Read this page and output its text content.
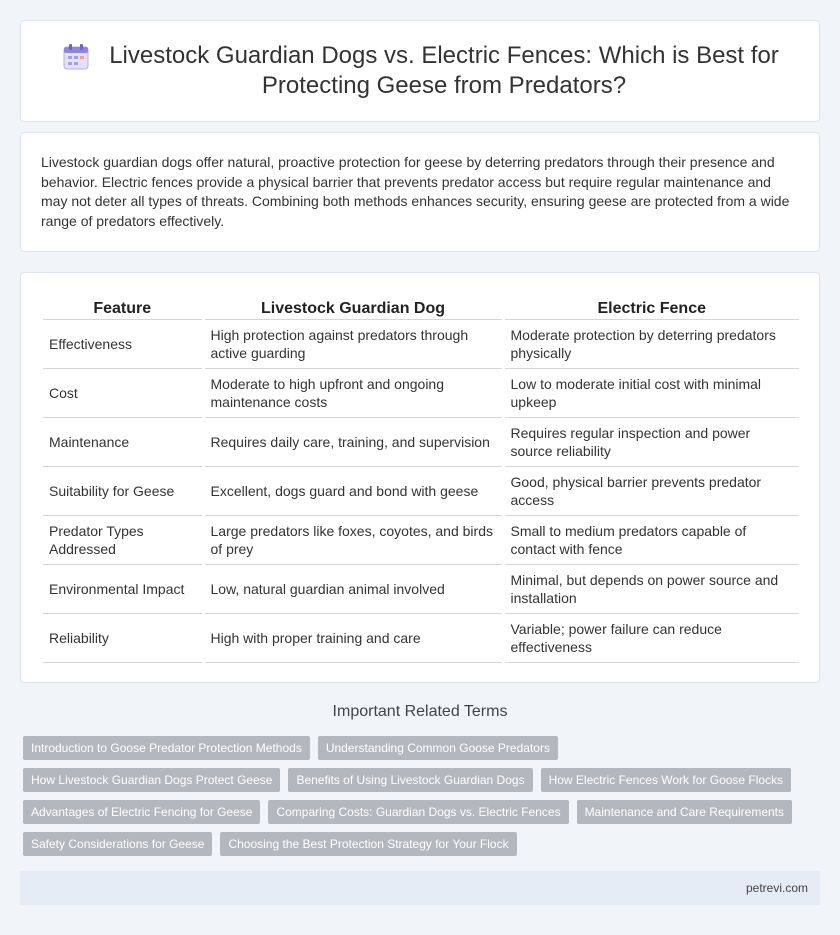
Livestock Guardian Dogs vs. Electric Fences: Which is Best for Protecting Geese from Predators?

Livestock guardian dogs offer natural, proactive protection for geese by deterring predators through their presence and behavior. Electric fences provide a physical barrier that prevents predator access but require regular maintenance and may not deter all types of threats. Combining both methods enhances security, ensuring geese are protected from a wide range of predators effectively.

Feature	Livestock Guardian Dog	Electric Fence
Effectiveness	High protection against predators through active guarding	Moderate protection by deterring predators physically
Cost	Moderate to high upfront and ongoing maintenance costs	Low to moderate initial cost with minimal upkeep
Maintenance	Requires daily care, training, and supervision	Requires regular inspection and power source reliability
Suitability for Geese	Excellent, dogs guard and bond with geese	Good, physical barrier prevents predator access
Predator Types Addressed	Large predators like foxes, coyotes, and birds of prey	Small to medium predators capable of contact with fence
Environmental Impact	Low, natural guardian animal involved	Minimal, but depends on power source and installation
Reliability	High with proper training and care	Variable; power failure can reduce effectiveness
Important Related Terms
Introduction to Goose Predator Protection Methods	Understanding Common Goose Predators
How Livestock Guardian Dogs Protect Geese	Benefits of Using Livestock Guardian Dogs	How Electric Fences Work for Goose Flocks
Advantages of Electric Fencing for Geese	Comparing Costs: Guardian Dogs vs. Electric Fences	Maintenance and Care Requirements
Safety Considerations for Geese	Choosing the Best Protection Strategy for Your Flock
petrevi.com
